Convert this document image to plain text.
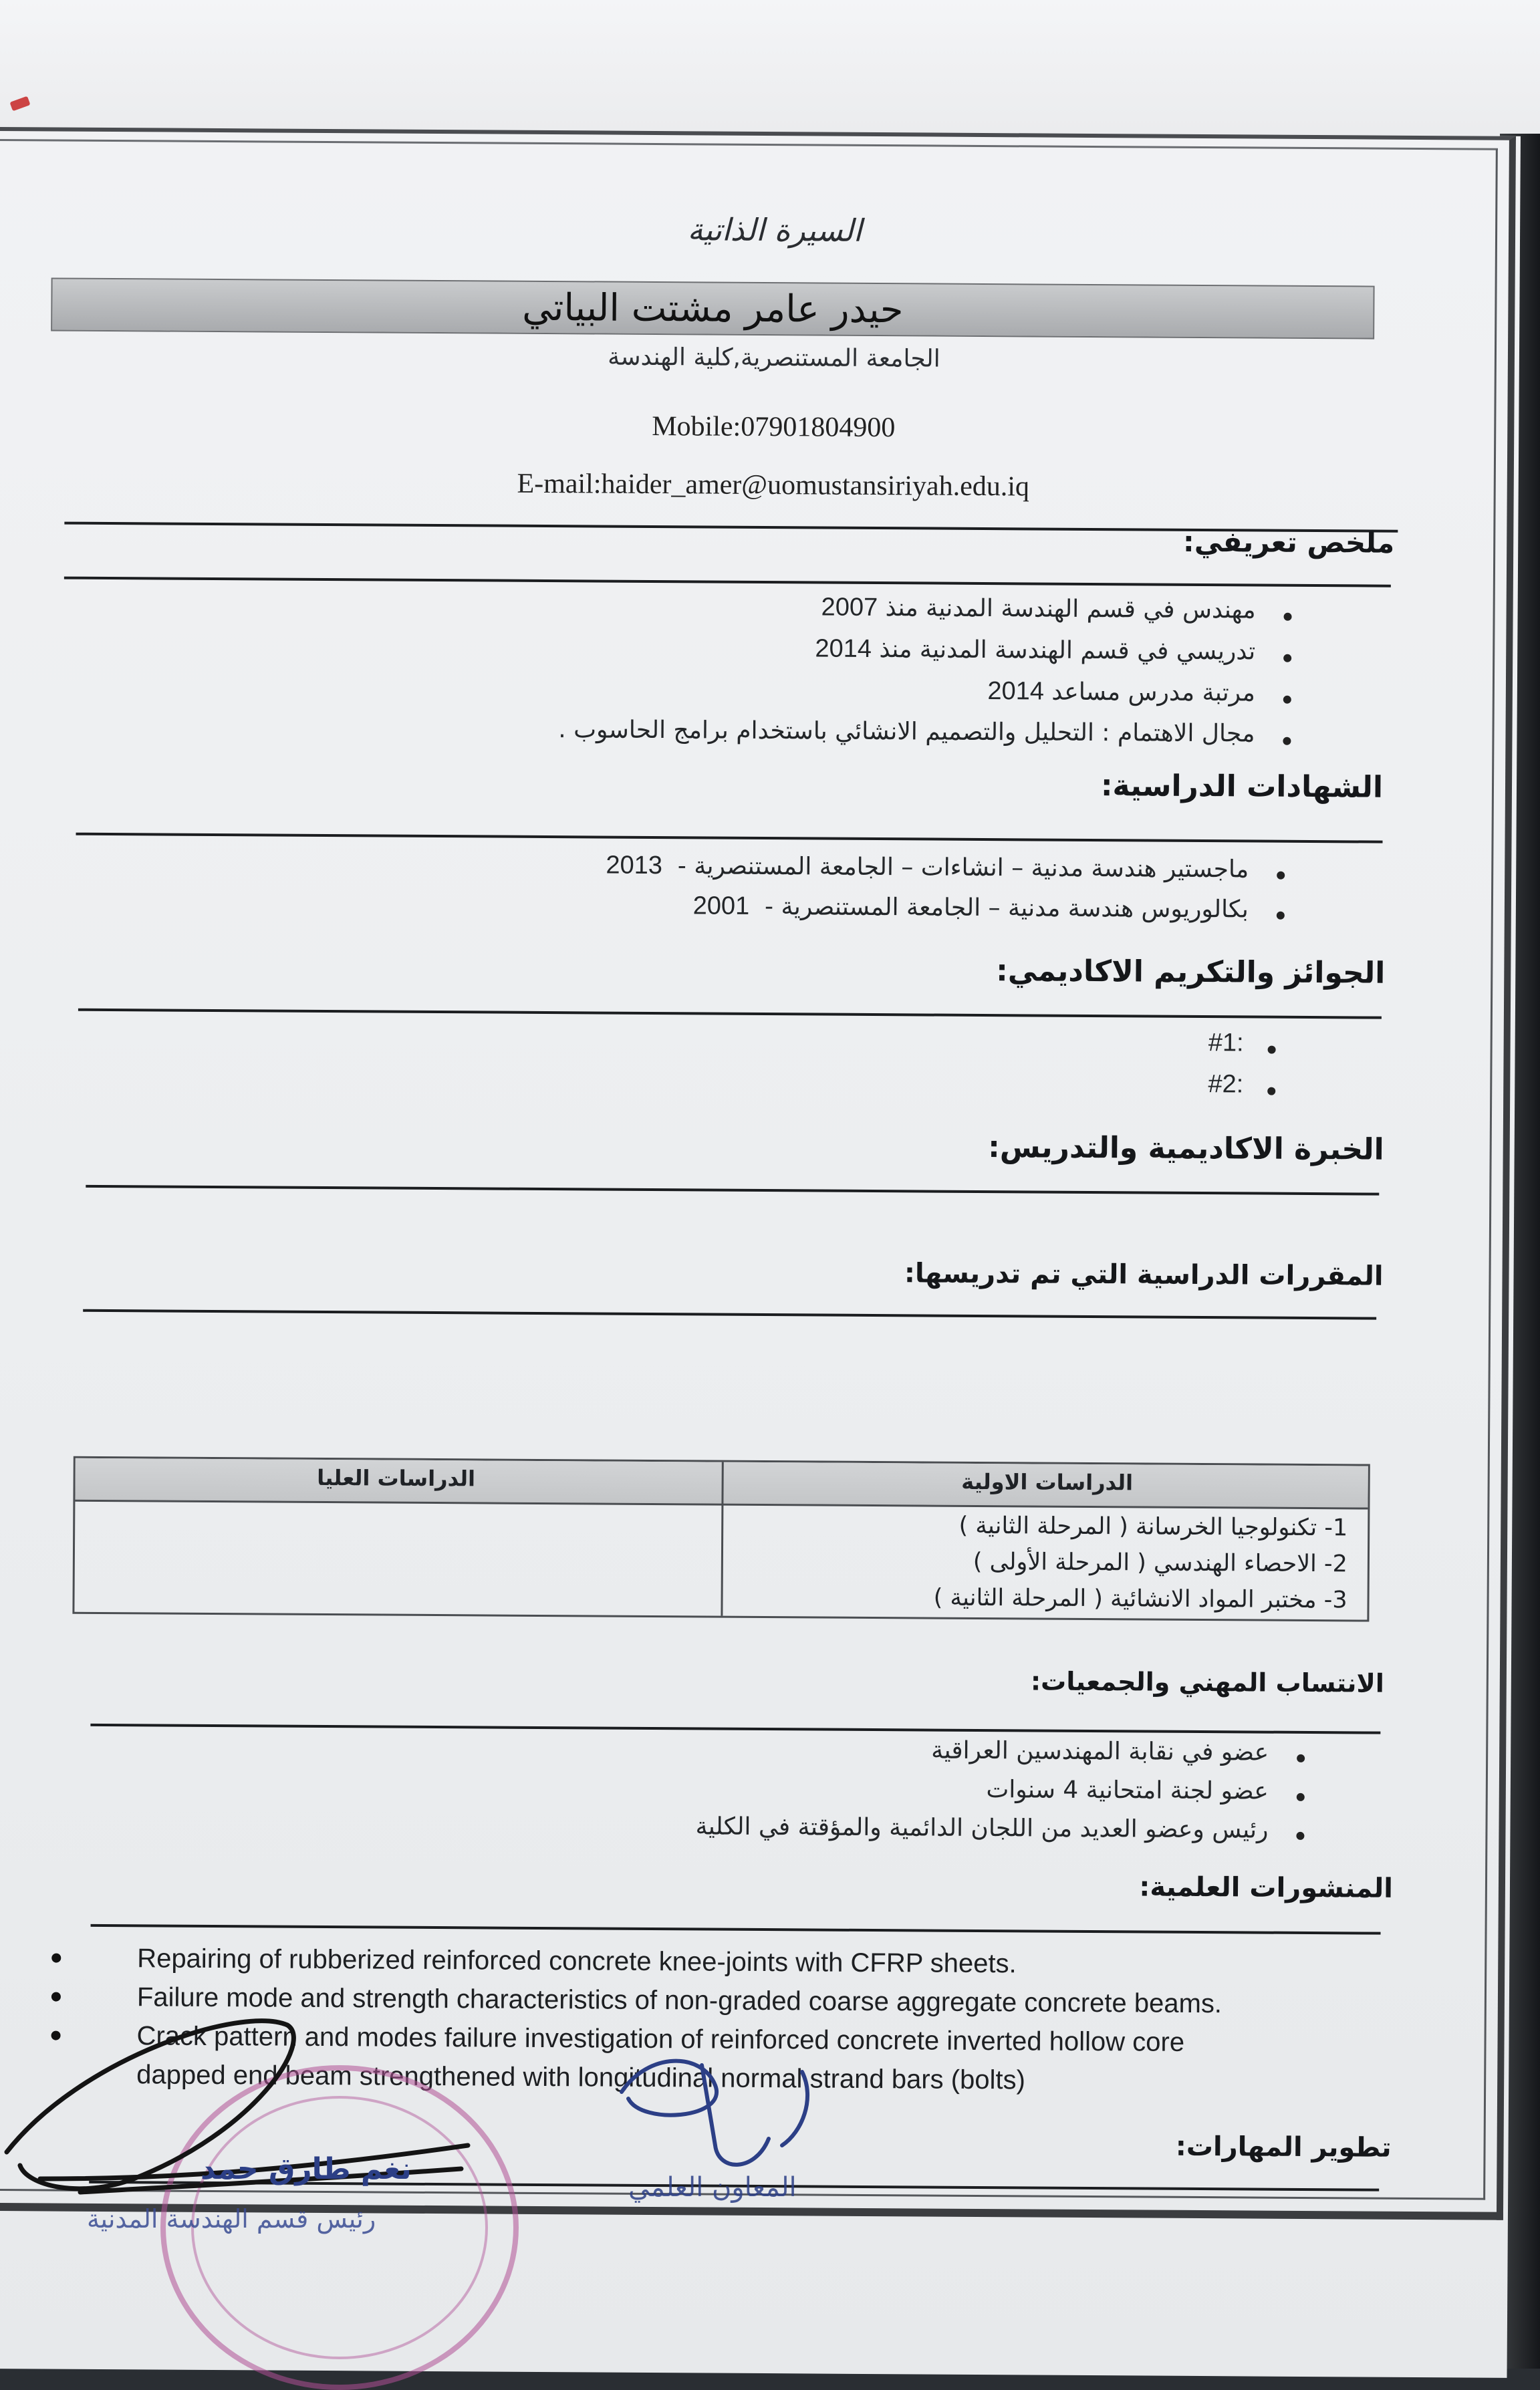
السيرة الذاتية
حيدر عامر مشتت البياتي
الجامعة المستنصرية,كلية الهندسة
Mobile:07901804900
E-mail:haider_amer@uomustansiriyah.edu.iq
ملخص تعريفي:
مهندس في قسم الهندسة المدنية منذ 2007
تدريسي في قسم الهندسة المدنية منذ 2014
مرتبة مدرس مساعد 2014
مجال الاهتمام : التحليل والتصميم الانشائي باستخدام برامج الحاسوب .
الشهادات الدراسية:
ماجستير هندسة مدنية – انشاءات – الجامعة المستنصرية -  2013
بكالوريوس هندسة مدنية – الجامعة المستنصرية -  2001
الجوائز والتكريم الاكاديمي:
#1:
#2:
الخبرة الاكاديمية والتدريس:
المقررات الدراسية التي تم تدريسها:
الدراسات الاولية
الدراسات العليا
1- تكنولوجيا الخرسانة ( المرحلة الثانية )
2- الاحصاء الهندسي ( المرحلة الأولى )
3- مختبر المواد الانشائية ( المرحلة الثانية )
الانتساب المهني والجمعيات:
عضو في نقابة المهندسين العراقية
عضو لجنة امتحانية 4 سنوات
رئيس وعضو العديد من اللجان الدائمية والمؤقتة في الكلية
المنشورات العلمية:
Repairing of rubberized reinforced concrete knee-joints with CFRP sheets.
Failure mode and strength characteristics of non-graded coarse aggregate concrete beams.
Crack pattern and modes failure investigation of reinforced concrete inverted hollow core
dapped end beam strengthened with longitudinal normal strand bars (bolts)
تطوير المهارات:
نغم طارق حمد
رئيس قسم الهندسة المدنية
المعاون العلمي
